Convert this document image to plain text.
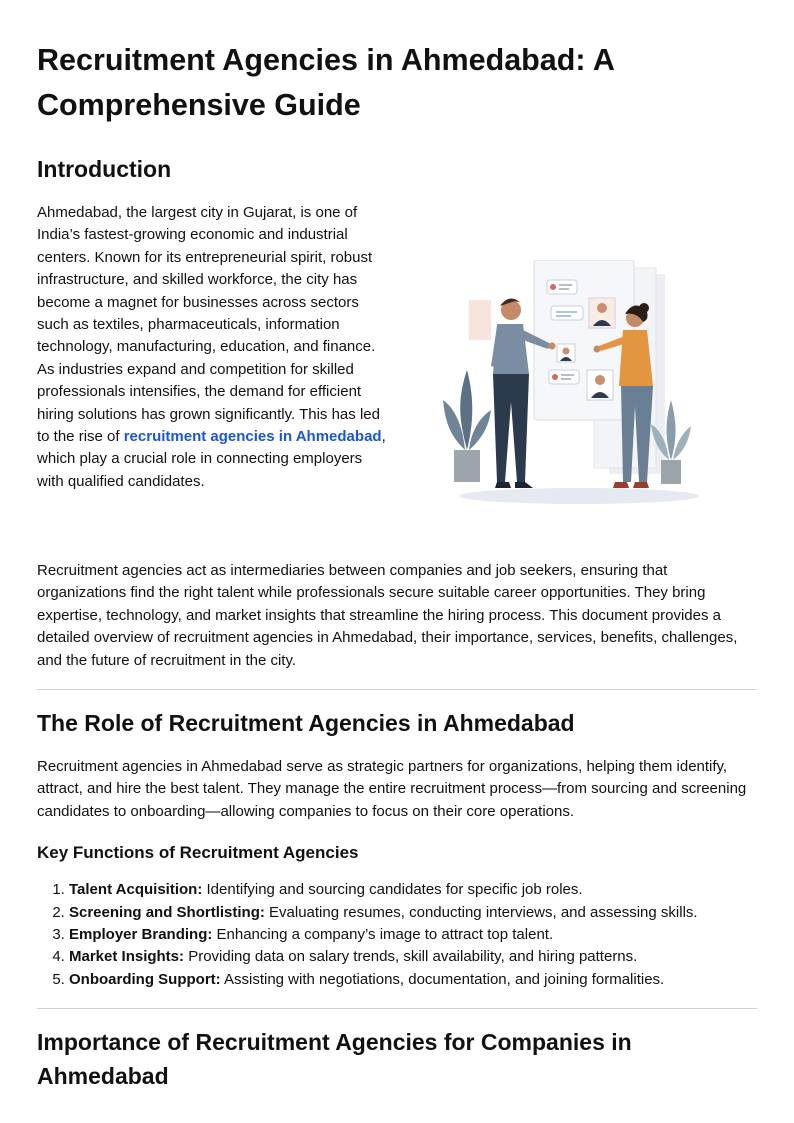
Recruitment Agencies in Ahmedabad: A Comprehensive Guide
Introduction

Ahmedabad, the largest city in Gujarat, is one of India’s fastest-growing economic and industrial centers. Known for its entrepreneurial spirit, robust infrastructure, and skilled workforce, the city has become a magnet for businesses across sectors such as textiles, pharmaceuticals, information technology, manufacturing, education, and finance. As industries expand and competition for skilled professionals intensifies, the demand for efficient hiring solutions has grown significantly. This has led to the rise of recruitment agencies in Ahmedabad, which play a crucial role in connecting employers with qualified candidates.

Recruitment agencies act as intermediaries between companies and job seekers, ensuring that organizations find the right talent while professionals secure suitable career opportunities. They bring expertise, technology, and market insights that streamline the hiring process. This document provides a detailed overview of recruitment agencies in Ahmedabad, their importance, services, benefits, challenges, and the future of recruitment in the city.

The Role of Recruitment Agencies in Ahmedabad

Recruitment agencies in Ahmedabad serve as strategic partners for organizations, helping them identify, attract, and hire the best talent. They manage the entire recruitment process—from sourcing and screening candidates to onboarding—allowing companies to focus on their core operations.

Key Functions of Recruitment Agencies
1. Talent Acquisition: Identifying and sourcing candidates for specific job roles.
2. Screening and Shortlisting: Evaluating resumes, conducting interviews, and assessing skills.
3. Employer Branding: Enhancing a company’s image to attract top talent.
4. Market Insights: Providing data on salary trends, skill availability, and hiring patterns.
5. Onboarding Support: Assisting with negotiations, documentation, and joining formalities.
Importance of Recruitment Agencies for Companies in Ahmedabad
